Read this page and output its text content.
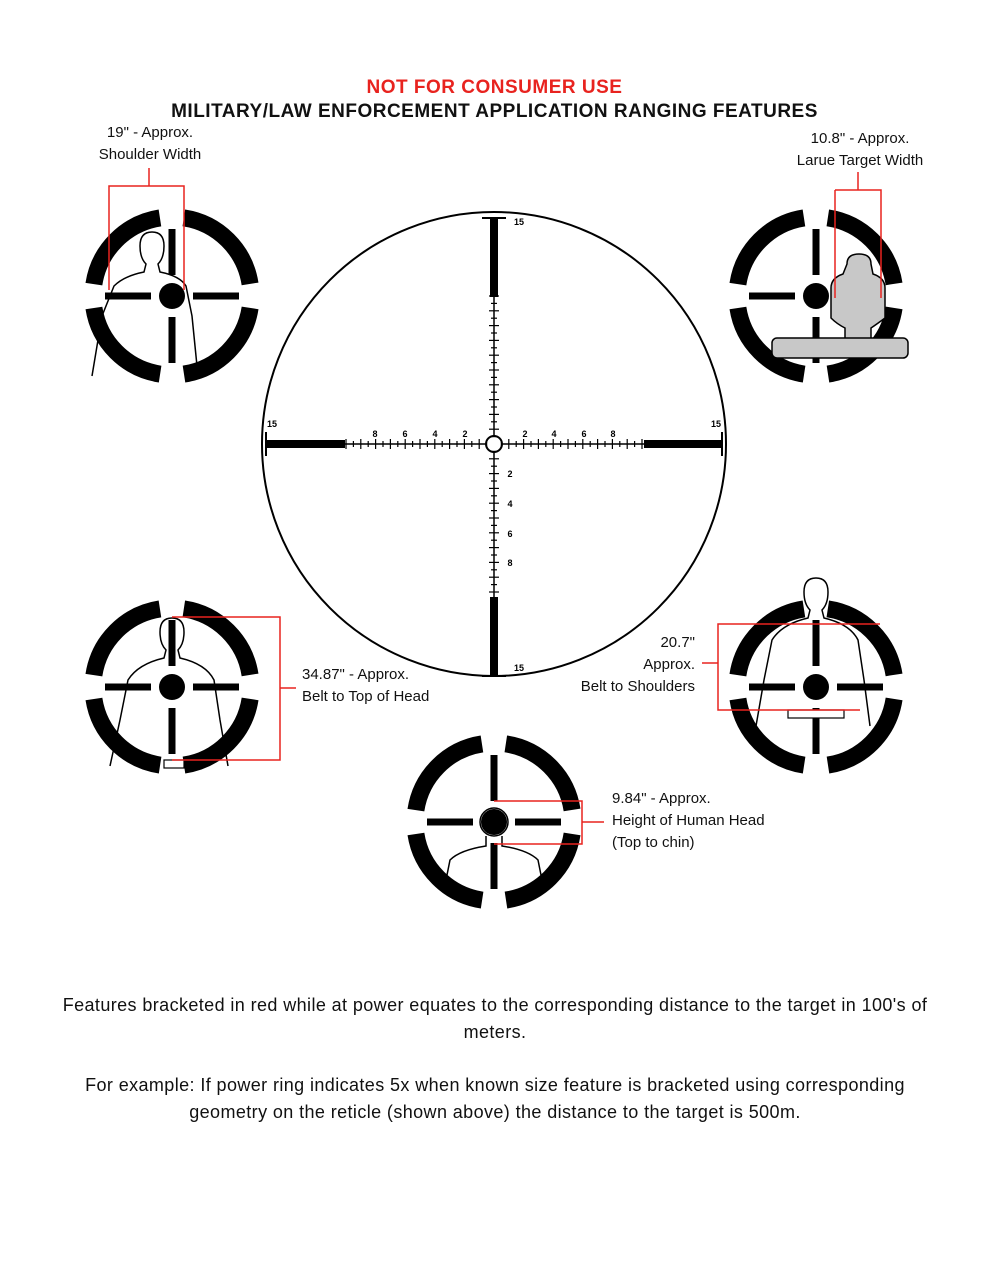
NOT FOR CONSUMER USE
MILITARY/LAW ENFORCEMENT APPLICATION RANGING FEATURES
15	15
15
15
8	6	4	2	2	4	6	8
2
4
6
8
19" - Approx.
Shoulder Width
10.8" - Approx.
Larue Target Width
34.87" - Approx.
Belt to Top of Head
20.7"
Approx.
Belt to Shoulders
9.84" - Approx.
Height of Human Head
(Top to chin)
Features bracketed in red while at power equates to the corresponding distance to the target in 100's of meters.
For example: If power ring indicates 5x when known size feature is bracketed using corresponding geometry on the reticle (shown above) the distance to the target is 500m.
